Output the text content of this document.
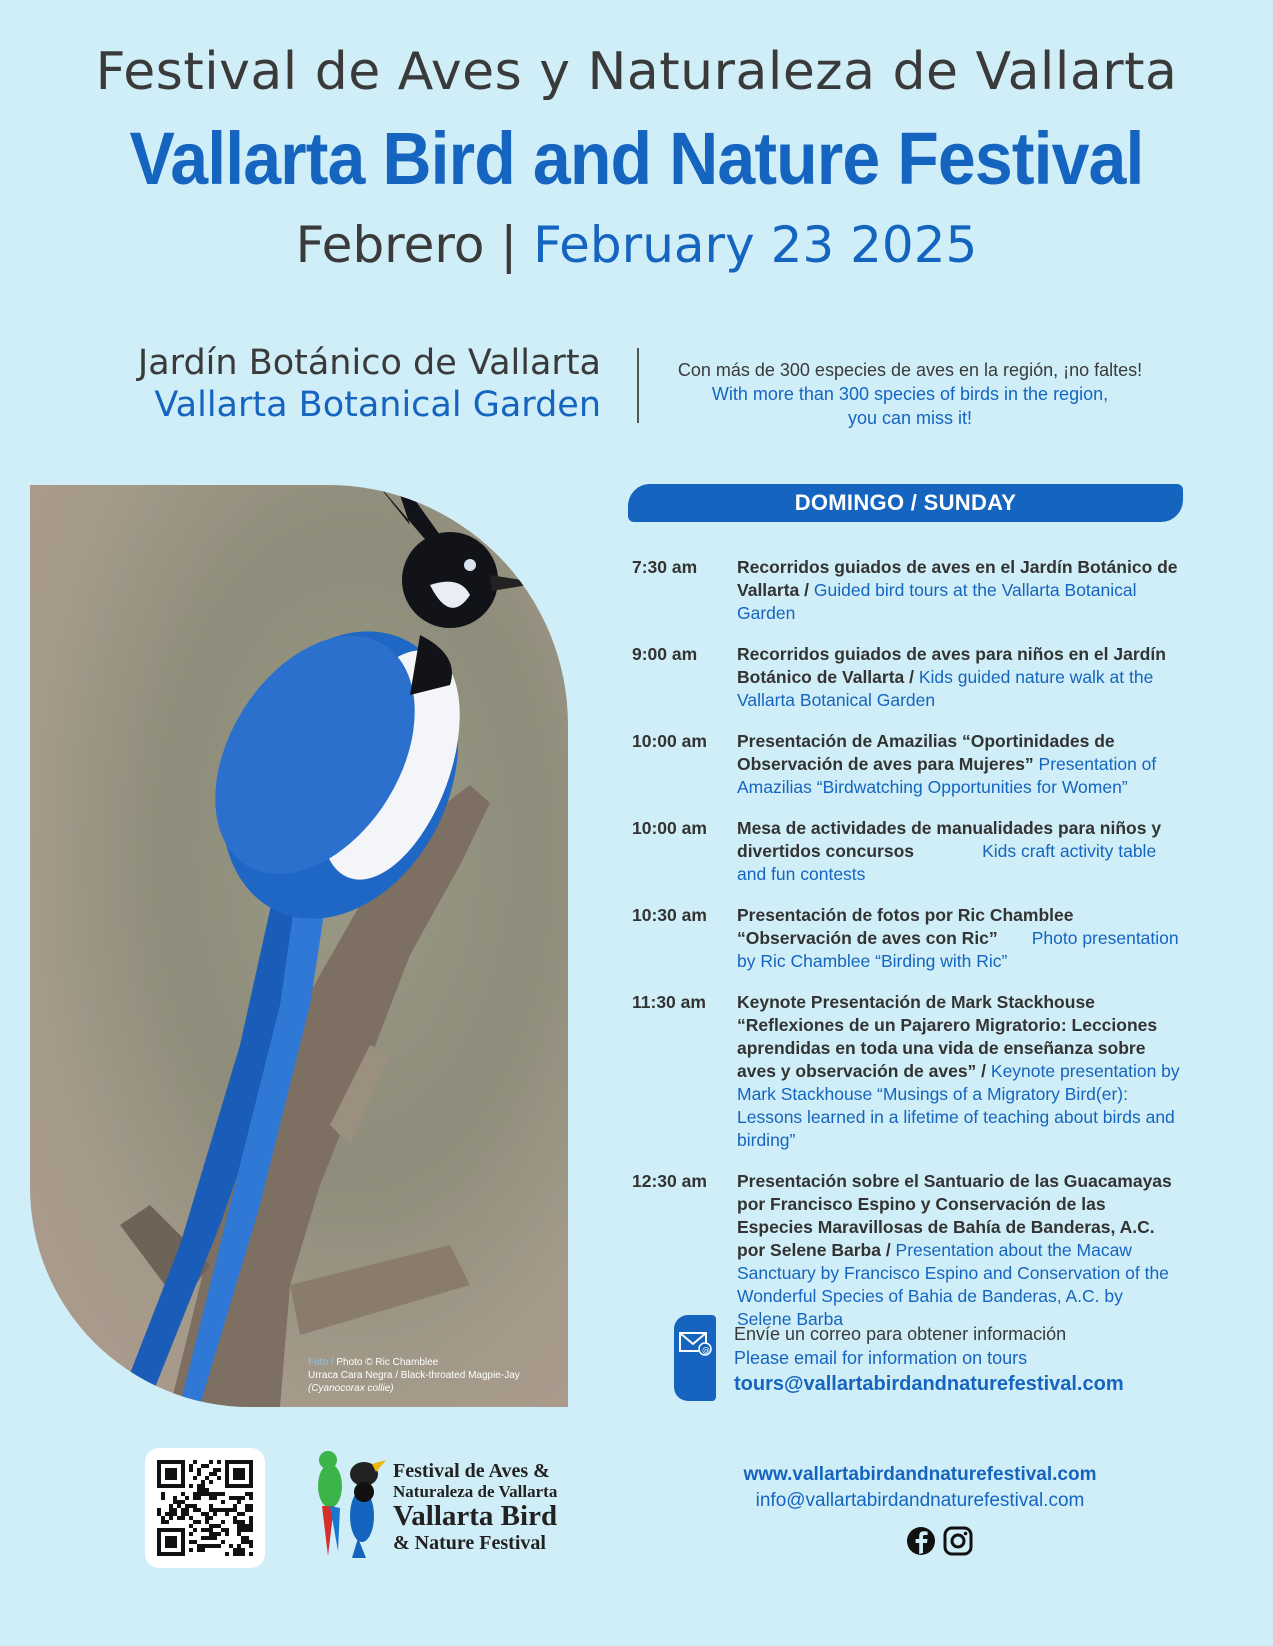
Festival de Aves y Naturaleza de Vallarta
Vallarta Bird and Nature Festival
Febrero | February 23 2025
Jardín Botánico de Vallarta
Vallarta Botanical Garden
Con más de 300 especies de aves en la región, ¡no faltes!
With more than 300 species of birds in the region,
you can miss it!
Foto / Photo © Ric Chamblee
Urraca Cara Negra / Black-throated Magpie-Jay
(Cyanocorax collie)
DOMINGO / SUNDAY
7:30 am	Recorridos guiados de aves en el Jardín Botánico de Vallarta / Guided bird tours at the Vallarta Botanical Garden
9:00 am	Recorridos guiados de aves para niños en el Jardín Botánico de Vallarta / Kids guided nature walk at the Vallarta Botanical Garden
10:00 am	Presentación de Amazilias “Oportinidades de Observación de aves para Mujeres” Presentation of Amazilias “Birdwatching Opportunities for Women”
10:00 am	Mesa de actividades de manualidades para niños y divertidos concursos	Kids craft activity table and fun contests
10:30 am	Presentación de fotos por Ric Chamblee “Observación de aves con Ric” Photo presentation by Ric Chamblee “Birding with Ric”
11:30 am	Keynote Presentación de Mark Stackhouse “Reflexiones de un Pajarero Migratorio: Lecciones aprendidas en toda una vida de enseñanza sobre aves y observación de aves” / Keynote presentation by Mark Stackhouse “Musings of a Migratory Bird(er): Lessons learned in a lifetime of teaching about birds and birding”
12:30 am	Presentación sobre el Santuario de las Guacamayas por Francisco Espino y Conservación de las Especies Maravillosas de Bahía de Banderas, A.C. por Selene Barba / Presentation about the Macaw Sanctuary by Francisco Espino and Conservation of the Wonderful Species of Bahia de Banderas, A.C. by Selene Barba
@
Envíe un correo para obtener información
Please email for information on tours
tours@vallartabirdandnaturefestival.com
Festival de Aves &
Naturaleza de Vallarta
Vallarta Bird
& Nature Festival
www.vallartabirdandnaturefestival.com
info@vallartabirdandnaturefestival.com
